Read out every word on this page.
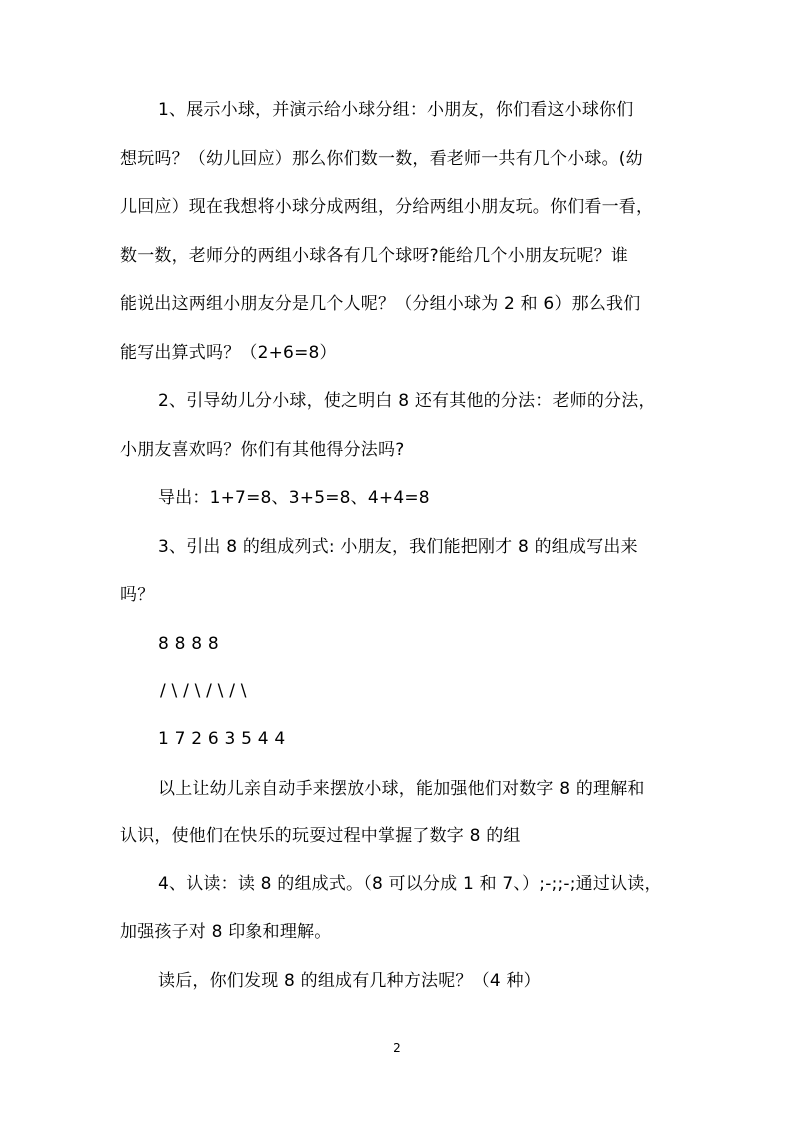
1、展示小球，并演示给小球分组：小朋友，你们看这小球你们
想玩吗？（幼儿回应）那么你们数一数，看老师一共有几个小球。(幼
儿回应）现在我想将小球分成两组，分给两组小朋友玩。你们看一看，
数一数，老师分的两组小球各有几个球呀?能给几个小朋友玩呢？谁
能说出这两组小朋友分是几个人呢？（分组小球为 2 和 6）那么我们
能写出算式吗？（2+6=8）
2、引导幼儿分小球，使之明白 8 还有其他的分法：老师的分法，
小朋友喜欢吗？你们有其他得分法吗?
导出：1+7=8、3+5=8、4+4=8
3、引出 8 的组成列式: 小朋友，我们能把刚才 8 的组成写出来
吗？
8 8 8 8
/ \ / \ / \ / \
1 7 2 6 3 5 4 4
以上让幼儿亲自动手来摆放小球，能加强他们对数字 8 的理解和
认识，使他们在快乐的玩耍过程中掌握了数字 8 的组
4、认读：读 8 的组成式。（8 可以分成 1 和 7、）;-;;-;通过认读，
加强孩子对 8 印象和理解。
读后，你们发现 8 的组成有几种方法呢？（4 种）
2
